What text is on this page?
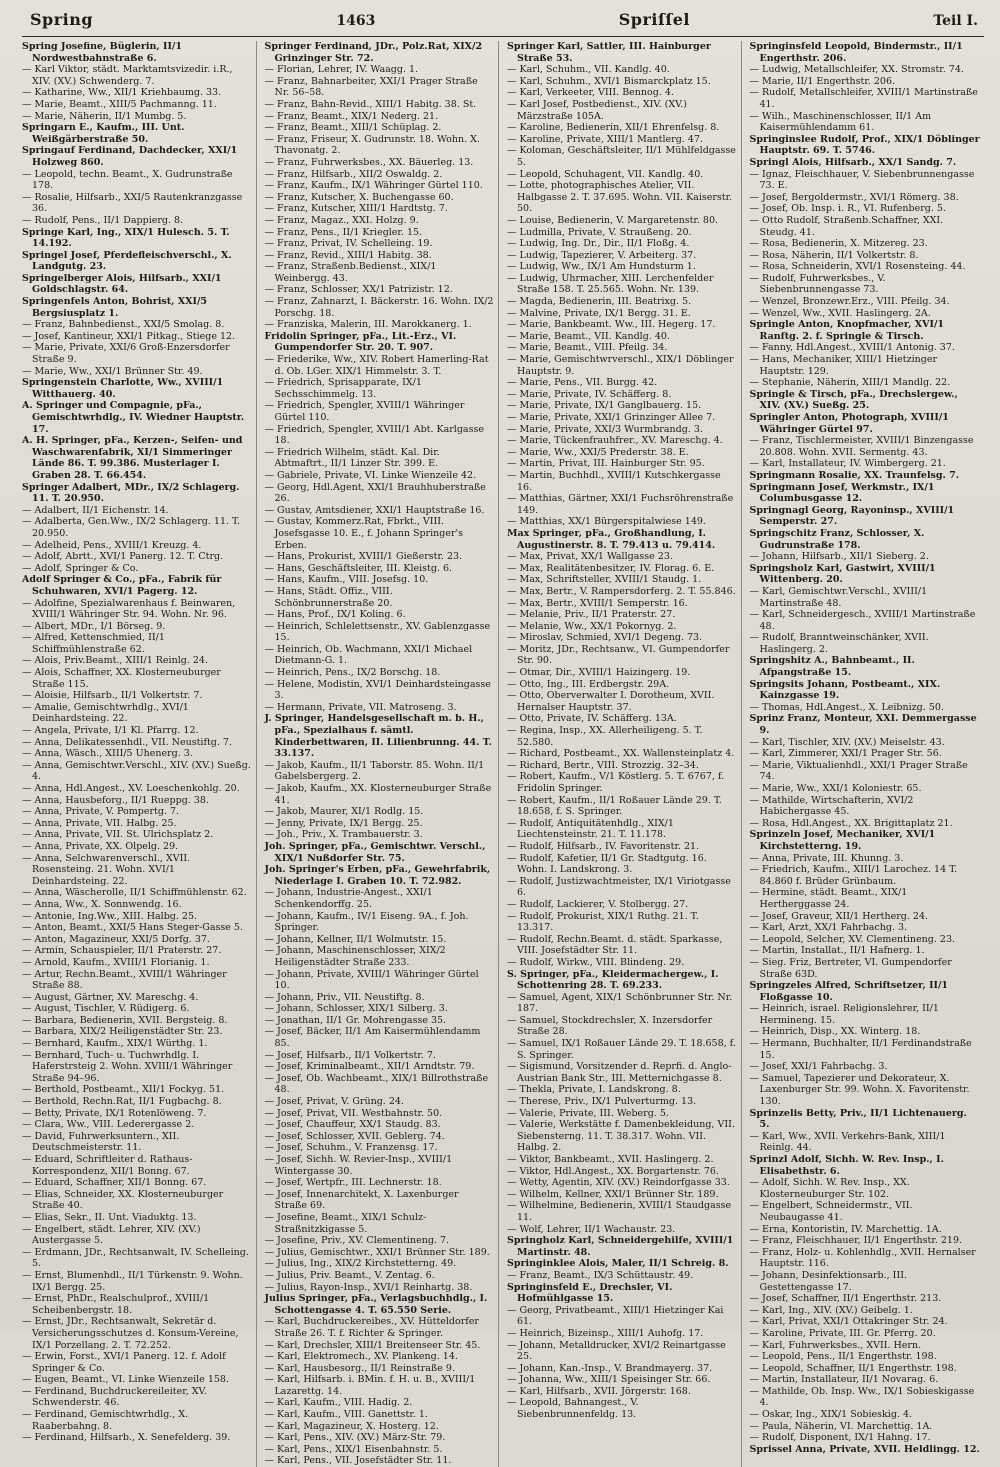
Spring	1463	Spriſſel	Teil I.

Spring Josefine, Büglerin, II/1 Nordwestbahnstraße 6.

— Karl Viktor, städt. Marktamtsvizedir. i.R., XIV. (XV.) Schwenderg. 7.

— Katharine, Ww., XII/1 Kriehbaumg. 33.

— Marie, Beamt., XIII/5 Pachmanng. 11.

— Marie, Näherin, II/1 Mumbg. 5.

Springarn E., Kaufm., III. Unt. Weißgärberstraße 50.

Springauf Ferdinand, Dachdecker, XXI/1 Holzweg 860.

— Leopold, techn. Beamt., X. Gudrunstraße 178.

— Rosalie, Hilfsarb., XXI/5 Rautenkranzgasse 36.

— Rudolf, Pens., II/1 Dappierg. 8.

Springe Karl, Ing., XIX/1 Hulesch. 5. T. 14.192.

Springel Josef, Pferdefleischverschl., X. Landgutg. 23.

Springelberger Alois, Hilfsarb., XXI/1 Goldschlagstr. 64.

Springenfels Anton, Bohrist, XXI/5 Bergsiusplatz 1.

— Franz, Bahnbedienst., XXI/5 Smolag. 8.

— Josef, Kantineur, XXI/1 Pitkag., Stiege 12.

— Marie, Private, XXI/6 Groß-Enzersdorfer Straße 9.

— Marie, Ww., XXI/1 Brünner Str. 49.

Springenstein Charlotte, Ww., XVIII/1 Witthauerg. 40.

A. Springer und Compagnie, pFa., Gemischtwrhdlg., IV. Wiedner Hauptstr. 17.

A. H. Springer, pFa., Kerzen-, Seifen- und Waschwarenfabrik, XI/1 Simmeringer Lände 86. T. 99.386. Musterlager I. Graben 28. T. 66.454.

Springer Adalbert, MDr., IX/2 Schlagerg. 11. T. 20.950.

— Adalbert, II/1 Eichenstr. 14.

— Adalberta, Gen.Ww., IX/2 Schlagerg. 11. T. 20.950.

— Adelheid, Pens., XVIII/1 Kreuzg. 4.

— Adolf, Abrtt., XVI/1 Panerg. 12. T. Ctrg.

— Adolf, Springer & Co.

Adolf Springer & Co., pFa., Fabrik für Schuhwaren, XVI/1 Pagerg. 12.

— Adolfine, Spezialwarenhaus f. Beinwaren, XVIII/1 Währinger Str. 94. Wohn. Nr. 96.

— Albert, MDr., I/1 Börseg. 9.

— Alfred, Kettenschmied, II/1 Schiffmühlenstraße 62.

— Alois, Priv.Beamt., XIII/1 Reinlg. 24.

— Alois, Schaffner, XX. Klosterneuburger Straße 115.

— Aloisie, Hilfsarb., II/1 Volkertstr. 7.

— Amalie, Gemischtwrhdlg., XVI/1 Deinhardsteing. 22.

— Angela, Private, I/1 Kl. Pfarrg. 12.

— Anna, Delikatessenhdl., VII. Neustiftg. 7.

— Anna, Wäsch., XIII/5 Uhenerg. 3.

— Anna, Gemischtwr.Verschl., XIV. (XV.) Sueßg. 4.

— Anna, Hdl.Angest., XV. Loeschenkohlg. 20.

— Anna, Hausbeforg., II/1 Rueppg. 38.

— Anna, Private, V. Pompertg. 7.

— Anna, Private, VII. Halbg. 25.

— Anna, Private, VII. St. Ulrichsplatz 2.

— Anna, Private, XX. Olpelg. 29.

— Anna, Selchwarenverschl., XVII. Rosensteing. 21. Wohn. XVI/1 Deinhardsteing. 22.

— Anna, Wäscherolle, II/1 Schiffmühlenstr. 62.

— Anna, Ww., X. Sonnwendg. 16.

— Antonie, Ing.Ww., XIII. Halbg. 25.

— Anton, Beamt., XXI/5 Hans Steger-Gasse 5.

— Anton, Magazineur, XXI/5 Dorfg. 37.

— Armin, Schauspieler, II/1 Praterstr. 27.

— Arnold, Kaufm., XVIII/1 Florianig. 1.

— Artur, Rechn.Beamt., XVIII/1 Währinger Straße 88.

— August, Gärtner, XV. Mareschg. 4.

— August, Tischler, V. Rüdigerg. 6.

— Barbara, Bedienerin, XVII. Bergsteig. 8.

— Barbara, XIX/2 Heiligenstädter Str. 23.

— Bernhard, Kaufm., XIX/1 Würthg. 1.

— Bernhard, Tuch- u. Tuchwrhdlg. I. Haferstrsteig 2. Wohn. XVIII/1 Währinger Straße 94–96.

— Berthold, Postbeamt., XII/1 Fockyg. 51.

— Berthold, Rechn.Rat, II/1 Fugbachg. 8.

— Betty, Private, IX/1 Rotenlöweng. 7.

— Clara, Ww., VIII. Lederergasse 2.

— David, Fuhrwerksuntern., XII. Deutschmeisterstr. 11.

— Eduard, Schriftleiter d. Rathaus-Korrespondenz, XII/1 Bonng. 67.

— Eduard, Schaffner, XII/1 Bonng. 67.

— Elias, Schneider, XX. Klosterneuburger Straße 40.

— Elias, Sekr., II. Unt. Viaduktg. 13.

— Engelbert, städt. Lehrer, XIV. (XV.) Austergasse 5.

— Erdmann, JDr., Rechtsanwalt, IV. Schelleing. 5.

— Ernst, Blumenhdl., II/1 Türkenstr. 9. Wohn. IX/1 Bergg. 25.

— Ernst, PhDr., Realschulprof., XVIII/1 Scheibenbergstr. 18.

— Ernst, JDr., Rechtsanwalt, Sekretär d. Versicherungsschutzes d. Konsum-Vereine, IX/1 Porzellang. 2. T. 72.252.

— Erwin, Forst., XVI/1 Panerg. 12. f. Adolf Springer & Co.

— Eugen, Beamt., VI. Linke Wienzeile 158.

— Ferdinand, Buchdruckereileiter, XV. Schwenderstr. 46.

— Ferdinand, Gemischtwrhdlg., X. Raaberbahng. 8.

— Ferdinand, Hilfsarb., X. Senefelderg. 39.

Springer Ferdinand, JDr., Polz.Rat, XIX/2 Grinzinger Str. 72.

— Florian, Lehrer, IV. Waagg. 1.

— Franz, Bahnarbeiter, XXI/1 Prager Straße Nr. 56–58.

— Franz, Bahn-Revid., XIII/1 Habitg. 38. St.

— Franz, Beamt., XIX/1 Nederg. 21.

— Franz, Beamt., XIII/1 Schüplag. 2.

— Franz, Friseur, X. Gudrunstr. 18. Wohn. X. Thavonatg. 2.

— Franz, Fuhrwerksbes., XX. Bäuerleg. 13.

— Franz, Hilfsarb., XII/2 Oswaldg. 2.

— Franz, Kaufm., IX/1 Währinger Gürtel 110.

— Franz, Kutscher, X. Buchengasse 60.

— Franz, Kutscher, XIII/1 Hardtstg. 7.

— Franz, Magaz., XXI. Holzg. 9.

— Franz, Pens., II/1 Kriegler. 15.

— Franz, Privat, IV. Schelleing. 19.

— Franz, Revid., XIII/1 Habitg. 38.

— Franz, Straßenb.Bedienst., XIX/1 Weinbergg. 43.

— Franz, Schlosser, XX/1 Patrizistr. 12.

— Franz, Zahnarzt, I. Bäckerstr. 16. Wohn. IX/2 Porschg. 18.

— Franziska, Malerin, III. Marokkanerg. 1.

Fridolin Springer, pFa., Lit.-Erz., VI. Gumpendorfer Str. 20. T. 907.

— Friederike, Ww., XIV. Robert Hamerling-Rat d. Ob. LGer. XIX/1 Himmelstr. 3. T.

— Friedrich, Sprisapparate, IX/1 Sechsschimmelg. 13.

— Friedrich, Spengler, XVIII/1 Währinger Gürtel 110.

— Friedrich, Spengler, XVIII/1 Abt. Karlgasse 18.

— Friedrich Wilhelm, städt. Kal. Dir. Abtmaftrt., II/1 Linzer Str. 399. E.

— Gabriele, Private, VI. Linke Wienzeile 42.

— Georg, Hdl.Agent, XXI/1 Brauhhuberstraße 26.

— Gustav, Amtsdiener, XXI/1 Hauptstraße 16.

— Gustav, Kommerz.Rat, Fbrkt., VIII. Josefsgasse 10. E., f. Johann Springer's Erben.

— Hans, Prokurist, XVIII/1 Gießerstr. 23.

— Hans, Geschäftsleiter, III. Kleistg. 6.

— Hans, Kaufm., VIII. Josefsg. 10.

— Hans, Städt. Offiz., VIII. Schönbrunnerstraße 20.

— Hans, Prof., IX/1 Koling. 6.

— Heinrich, Schlelettsenstr., XV. Gablenzgasse 15.

— Heinrich, Ob. Wachmann, XXI/1 Michael Dietmann-G. 1.

— Heinrich, Pens., IX/2 Borschg. 18.

— Helene, Modistin, XVI/1 Deinhardsteingasse 3.

— Hermann, Private, VII. Matroseng. 3.

J. Springer, Handelsgesellschaft m. b. H., pFa., Spezialhaus f. sämtl. Kinderbettwaren, II. Lilienbrunng. 44. T. 33.137.

— Jakob, Kaufm., II/1 Taborstr. 85. Wohn. II/1 Gabelsbergerg. 2.

— Jakob, Kaufm., XX. Klosterneuburger Straße 41.

— Jakob, Maurer, XI/1 Rodlg. 15.

— Jenny, Private, IX/1 Bergg. 25.

— Joh., Priv., X. Trambauerstr. 3.

Joh. Springer, pFa., Gemischtwr. Verschl., XIX/1 Nußdorfer Str. 75.

Joh. Springer's Erben, pFa., Gewehrfabrik, Niederlage I. Graben 10. T. 72.982.

— Johann, Industrie-Angest., XXI/1 Schenkendorffg. 25.

— Johann, Kaufm., IV/1 Eiseng. 9A., f. Joh. Springer.

— Johann, Kellner, II/1 Wolmutstr. 15.

— Johann, Maschinenschlosser, XIX/2 Heiligenstädter Straße 233.

— Johann, Private, XVIII/1 Währinger Gürtel 10.

— Johann, Priv., VII. Neustiftg. 8.

— Johann, Schlosser, XIX/1 Silberg. 3.

— Jonathan, II/1 Gr. Mohrengasse 35.

— Josef, Bäcker, II/1 Am Kaisermühlendamm 85.

— Josef, Hilfsarb., II/1 Volkertstr. 7.

— Josef, Kriminalbeamt., XII/1 Arndtstr. 79.

— Josef, Ob. Wachbeamt., XIX/1 Billrothstraße 48.

— Josef, Privat, V. Grüng. 24.

— Josef, Privat, VII. Westbahnstr. 50.

— Josef, Chauffeur, XX/1 Staudg. 83.

— Josef, Schlosser, XVII. Geblerg. 74.

— Josef, Schuhm., V. Franzensg. 17.

— Josef, Sichh. W. Revier-Insp., XVIII/1 Wintergasse 30.

— Josef, Wertpfr., III. Lechnerstr. 18.

— Josef, Innenarchitekt, X. Laxenburger Straße 69.

— Josefine, Beamt., XIX/1 Schulz-Straßnitzkigasse 5.

— Josefine, Priv., XV. Clementineng. 7.

— Julius, Gemischtwr., XXI/1 Brünner Str. 189.

— Julius, Ing., XIX/2 Kirchstetterng. 49.

— Julius, Priv. Beamt., V. Zentag. 6.

— Julius, Rayon-Insp., XVI/1 Reinhartg. 38.

Julius Springer, pFa., Verlagsbuchhdlg., I. Schottengasse 4. T. 65.550 Serie.

— Karl, Buchdruckereibes., XV. Hütteldorfer Straße 26. T. f. Richter & Springer.

— Karl, Drechsler, XIII/1 Breitenseer Str. 45.

— Karl, Elektromech., XV. Plankeng. 14.

— Karl, Hausbesorg., II/1 Reinstraße 9.

— Karl, Hilfsarb. i. BMin. f. H. u. B., XVIII/1 Lazarettg. 14.

— Karl, Kaufm., VIII. Hadig. 2.

— Karl, Kaufm., VIII. Ganettstr. 1.

— Karl, Magazineur, X. Hosterg. 12.

— Karl, Pens., XIV. (XV.) März-Str. 79.

— Karl, Pens., XIX/1 Eisenbahnstr. 5.

— Karl, Pens., VII. Josefstädter Str. 11.

Springer Karl, Sattler, III. Hainburger Straße 53.

— Karl, Schuhm., VII. Kandlg. 40.

— Karl, Schuhm., XVI/1 Bismarckplatz 15.

— Karl, Verkeeter, VIII. Bennog. 4.

— Karl Josef, Postbedienst., XIV. (XV.) Märzstraße 105A.

— Karoline, Bedienerin, XII/1 Ehrenfelsg. 8.

— Karoline, Private, XIII/1 Mantlerg. 47.

— Koloman, Geschäftsleiter, II/1 Mühlfeldgasse 5.

— Leopold, Schuhagent, VII. Kandlg. 40.

— Lotte, photographisches Atelier, VII. Halbgasse 2. T. 37.695. Wohn. VII. Kaiserstr. 50.

— Louise, Bedienerin, V. Margaretenstr. 80.

— Ludmilla, Private, V. Straußeng. 20.

— Ludwig, Ing. Dr., Dir., II/1 Floßg. 4.

— Ludwig, Tapezierer, V. Arbeiterg. 37.

— Ludwig, Ww., IX/1 Am Hundsturm 1.

— Ludwig, Uhrmacher, XIII. Lerchenfelder Straße 158. T. 25.565. Wohn. Nr. 139.

— Magda, Bedienerin, III. Beatrixg. 5.

— Malvine, Private, IX/1 Bergg. 31. E.

— Marie, Bankbeamt. Ww., III. Hegerg. 17.

— Marie, Beamt., VII. Kandlg. 40.

— Marie, Beamt., VIII. Pfeilg. 34.

— Marie, Gemischtwrverschl., XIX/1 Döblinger Hauptstr. 9.

— Marie, Pens., VII. Burgg. 42.

— Marie, Private, IV. Schäfferg. 8.

— Marie, Private, IX/1 Ganglbauerg. 15.

— Marie, Private, XXI/1 Grinzinger Allee 7.

— Marie, Private, XXI/3 Wurmbrandg. 3.

— Marie, Tückenfrauhfrer., XV. Mareschg. 4.

— Marie, Ww., XXI/5 Prederstr. 38. E.

— Martin, Privat, III. Hainburger Str. 95.

— Martin, Buchhdl., XVIII/1 Kutschkergasse 16.

— Matthias, Gärtner, XXI/1 Fuchsröhrenstraße 149.

— Matthias, XX/1 Bürgerspitalwiese 149.

Max Springer, pFa., Großhandlung, I. Augustinerstr. 8. T. 79.413 u. 79.414.

— Max, Privat, XX/1 Wallgasse 23.

— Max, Realitätenbesitzer, IV. Florag. 6. E.

— Max, Schriftsteller, XVIII/1 Staudg. 1.

— Max, Bertr., V. Rampersdorferg. 2. T. 55.846.

— Max, Bertr., XVIII/1 Semperstr. 16.

— Melanie, Priv., II/1 Praterstr. 27.

— Melanie, Ww., XX/1 Pokornyg. 2.

— Miroslav, Schmied, XVI/1 Degeng. 73.

— Moritz, JDr., Rechtsanw., VI. Gumpendorfer Str. 90.

— Otmar, Dir., XVIII/1 Haizingerg. 19.

— Otto, Ing., III. Erdbergstr. 29A.

— Otto, Oberverwalter I. Dorotheum, XVII. Hernalser Hauptstr. 37.

— Otto, Private, IV. Schäfferg. 13A.

— Regina, Insp., XX. Allerheiligeng. 5. T. 52.580.

— Richard, Postbeamt., XX. Wallensteinplatz 4.

— Richard, Bertr., VIII. Strozzig. 32–34.

— Robert, Kaufm., V/1 Köstlerg. 5. T. 6767, f. Fridolin Springer.

— Robert, Kaufm., II/1 Roßauer Lände 29. T. 18.658, f. S. Springer.

— Rudolf, Antiquitätenhdlg., XIX/1 Liechtensteinstr. 21. T. 11.178.

— Rudolf, Hilfsarb., IV. Favoritenstr. 21.

— Rudolf, Kafetier, II/1 Gr. Stadtgutg. 16. Wohn. I. Landskrong. 3.

— Rudolf, Justizwachtmeister, IX/1 Viriotgasse 6.

— Rudolf, Lackierer, V. Stolbergg. 27.

— Rudolf, Prokurist, XIX/1 Ruthg. 21. T. 13.317.

— Rudolf, Rechn.Beamt. d. städt. Sparkasse, VIII. Josefstädter Str. 11.

— Rudolf, Wirkw., VIII. Blindeng. 29.

S. Springer, pFa., Kleidermachergew., I. Schottenring 28. T. 69.233.

— Samuel, Agent, XIX/1 Schönbrunner Str. Nr. 187.

— Samuel, Stockdrechsler, X. Inzersdorfer Straße 28.

— Samuel, IX/1 Roßauer Lände 29. T. 18.658, f. S. Springer.

— Sigismund, Vorsitzender d. Reprfi. d. Anglo-Austrian Bank Str., III. Metternichgasse 8.

— Thekla, Private, I. Landskrong. 8.

— Therese, Priv., IX/1 Pulverturmg. 13.

— Valerie, Private, III. Weberg. 5.

— Valerie, Werkstätte f. Damenbekleidung, VII. Siebensterng. 11. T. 38.317. Wohn. VII. Halbg. 2.

— Viktor, Bankbeamt., XVII. Haslingerg. 2.

— Viktor, Hdl.Angest., XX. Borgartenstr. 76.

— Wetty, Agentin, XIV. (XV.) Reindorfgasse 33.

— Wilhelm, Kellner, XXI/1 Brünner Str. 189.

— Wilhelmine, Bedienerin, XVIII/1 Staudgasse 11.

— Wolf, Lehrer, II/1 Wachaustr. 23.

Springholz Karl, Schneidergehilfe, XVIII/1 Martinstr. 48.

Springinklee Alois, Maler, II/1 Schreig. 8.

— Franz, Beamt., IX/3 Schüttaustr. 49.

Springinsfeld E., Drechsler, VI. Hofmühlgasse 15.

— Georg, Privatbeamt., XIII/1 Hietzinger Kai 61.

— Heinrich, Bizeinsp., XIII/1 Auhofg. 17.

— Johann, Metalldrucker, XVI/2 Reinartgasse 25.

— Johann, Kan.-Insp., V. Brandmayerg. 37.

— Johanna, Ww., XIII/1 Speisinger Str. 66.

— Karl, Hilfsarb., XVII. Jörgerstr. 168.

— Leopold, Bahnangest., V. Siebenbrunnenfeldg. 13.

Springinsfeld Leopold, Bindermstr., II/1 Engerthstr. 206.

— Ludwig, Metallschleifer, XX. Stromstr. 74.

— Marie, II/1 Engerthstr. 206.

— Rudolf, Metallschleifer, XVIII/1 Martinstraße 41.

— Wilh., Maschinenschlosser, II/1 Am Kaisermühlendamm 61.

Springinslee Rudolf, Prof., XIX/1 Döblinger Hauptstr. 69. T. 5746.

Springl Alois, Hilfsarb., XX/1 Sandg. 7.

— Ignaz, Fleischhauer, V. Siebenbrunnengasse 73. E.

— Josef, Bergoldermstr., XVI/1 Römerg. 38.

— Josef, Ob. Insp. i. R., VI. Rufenberg. 5.

— Otto Rudolf, Straßenb.Schaffner, XXI. Steudg. 41.

— Rosa, Bedienerin, X. Mitzereg. 23.

— Rosa, Näherin, II/1 Volkertstr. 8.

— Rosa, Schneiderin, XVI/1 Rosensteing. 44.

— Rudolf, Fuhrwerksbes., V. Siebenbrunnengasse 73.

— Wenzel, Bronzewr.Erz., VIII. Pfeilg. 34.

— Wenzel, Ww., XVII. Haslingerg. 2A.

Springle Anton, Knopfmacher, XVI/1 Ranftg. 2. f. Springle & Tirsch.

— Fanny, Hdl.Angest., XVIII/1 Antonig. 37.

— Hans, Mechaniker, XIII/1 Hietzinger Hauptstr. 129.

— Stephanie, Näherin, XIII/1 Mandlg. 22.

Springle & Tirsch, pFa., Drechslergew., XIV. (XV.) Sueßg. 25.

Springler Anton, Photograph, XVIII/1 Währinger Gürtel 97.

— Franz, Tischlermeister, XVIII/1 Binzengasse 20.808. Wohn. XVII. Sermentg. 43.

— Karl, Installateur, IV. Wimbergerg. 21.

Springmann Rosalie, XX. Traunfelsg. 7.

Springmann Josef, Werkmstr., IX/1 Columbusgasse 12.

Springnagl Georg, Rayoninsp., XVIII/1 Semperstr. 27.

Springschitz Franz, Schlosser, X. Gudrunstraße 178.

— Johann, Hilfsarb., XII/1 Sieberg. 2.

Springsholz Karl, Gastwirt, XVIII/1 Wittenberg. 20.

— Karl, Gemischtwr.Verschl., XVIII/1 Martinstraße 48.

— Karl, Schneidergesch., XVIII/1 Martinstraße 48.

— Rudolf, Branntweinschänker, XVII. Haslingerg. 2.

Springshitz A., Bahnbeamt., II. Afpangstraße 15.

Springsits Johann, Postbeamt., XIX. Kainzgasse 19.

— Thomas, Hdl.Angest., X. Leibnizg. 50.

Sprinz Franz, Monteur, XXI. Demmergasse 9.

— Karl, Tischler, XIV. (XV.) Meiselstr. 43.

— Karl, Zimmerer, XXI/1 Prager Str. 56.

— Marie, Viktualienhdl., XXI/1 Prager Straße 74.

— Marie, Ww., XXI/1 Koloniestr. 65.

— Mathilde, Wirtschafterin, XVI/2 Habichergasse 45.

— Rosa, Hdl.Angest., XX. Brigittaplatz 21.

Sprinzeln Josef, Mechaniker, XVI/1 Kirchstetterng. 19.

— Anna, Private, III. Khunng. 3.

— Friedrich, Kaufm., XIII/1 Larochez. 14 T. 84.860 f. Brüder Grünbaum.

— Hermine, städt. Beamt., XIX/1 Hertherggasse 24.

— Josef, Graveur, XII/1 Hertherg. 24.

— Karl, Arzt, XX/1 Fahrbachg. 3.

— Leopold, Selcher, XV. Clementineng. 23.

— Martin, Installat., II/1 Hafnerg. 1.

— Sieg. Friz, Bertreter, VI. Gumpendorfer Straße 63D.

Springzeles Alfred, Schriftsetzer, II/1 Floßgasse 10.

— Heinrich, israel. Religionslehrer, II/1 Hermineng. 15.

— Heinrich, Disp., XX. Winterg. 18.

— Hermann, Buchhalter, II/1 Ferdinandstraße 15.

— Josef, XXI/1 Fahrbachg. 3.

— Samuel, Tapezierer und Dekorateur, X. Laxenburger Str. 99. Wohn. X. Favoritenstr. 130.

Sprinzelis Betty, Priv., II/1 Lichtenauerg. 5.

— Karl, Ww., XVII. Verkehrs-Bank, XIII/1 Reinlg. 44.

Sprinzl Adolf, Sichh. W. Rev. Insp., I. Elisabethstr. 6.

— Adolf, Sichh. W. Rev. Insp., XX. Klosterneuburger Str. 102.

— Engelbert, Schneidermstr., VII. Neubaugasse 41.

— Erna, Kontoristin, IV. Marchettig. 1A.

— Franz, Fleischhauer, II/1 Engerthstr. 219.

— Franz, Holz- u. Kohlenhdlg., XVII. Hernalser Hauptstr. 116.

— Johann, Desinfektionsarb., III. Gestettengasse 17.

— Josef, Schaffner, II/1 Engerthstr. 213.

— Karl, Ing., XIV. (XV.) Geibelg. 1.

— Karl, Privat, XXI/1 Ottakringer Str. 24.

— Karoline, Private, III. Gr. Pferrg. 20.

— Karl, Fuhrwerksbes., XVII. Hern.

— Leopold, Pens., II/1 Engerthstr. 198.

— Leopold, Schaffner, II/1 Engerthstr. 198.

— Martin, Installateur, II/1 Novarag. 6.

— Mathilde, Ob. Insp. Ww., IX/1 Sobieskigasse 4.

— Oskar, Ing., XIX/1 Sobieskig. 4.

— Paula, Näherin, VI. Marchettig. 1A.

— Rudolf, Disponent, IX/1 Hahng. 17.

Sprissel Anna, Private, XVII. Heldlingg. 12.
